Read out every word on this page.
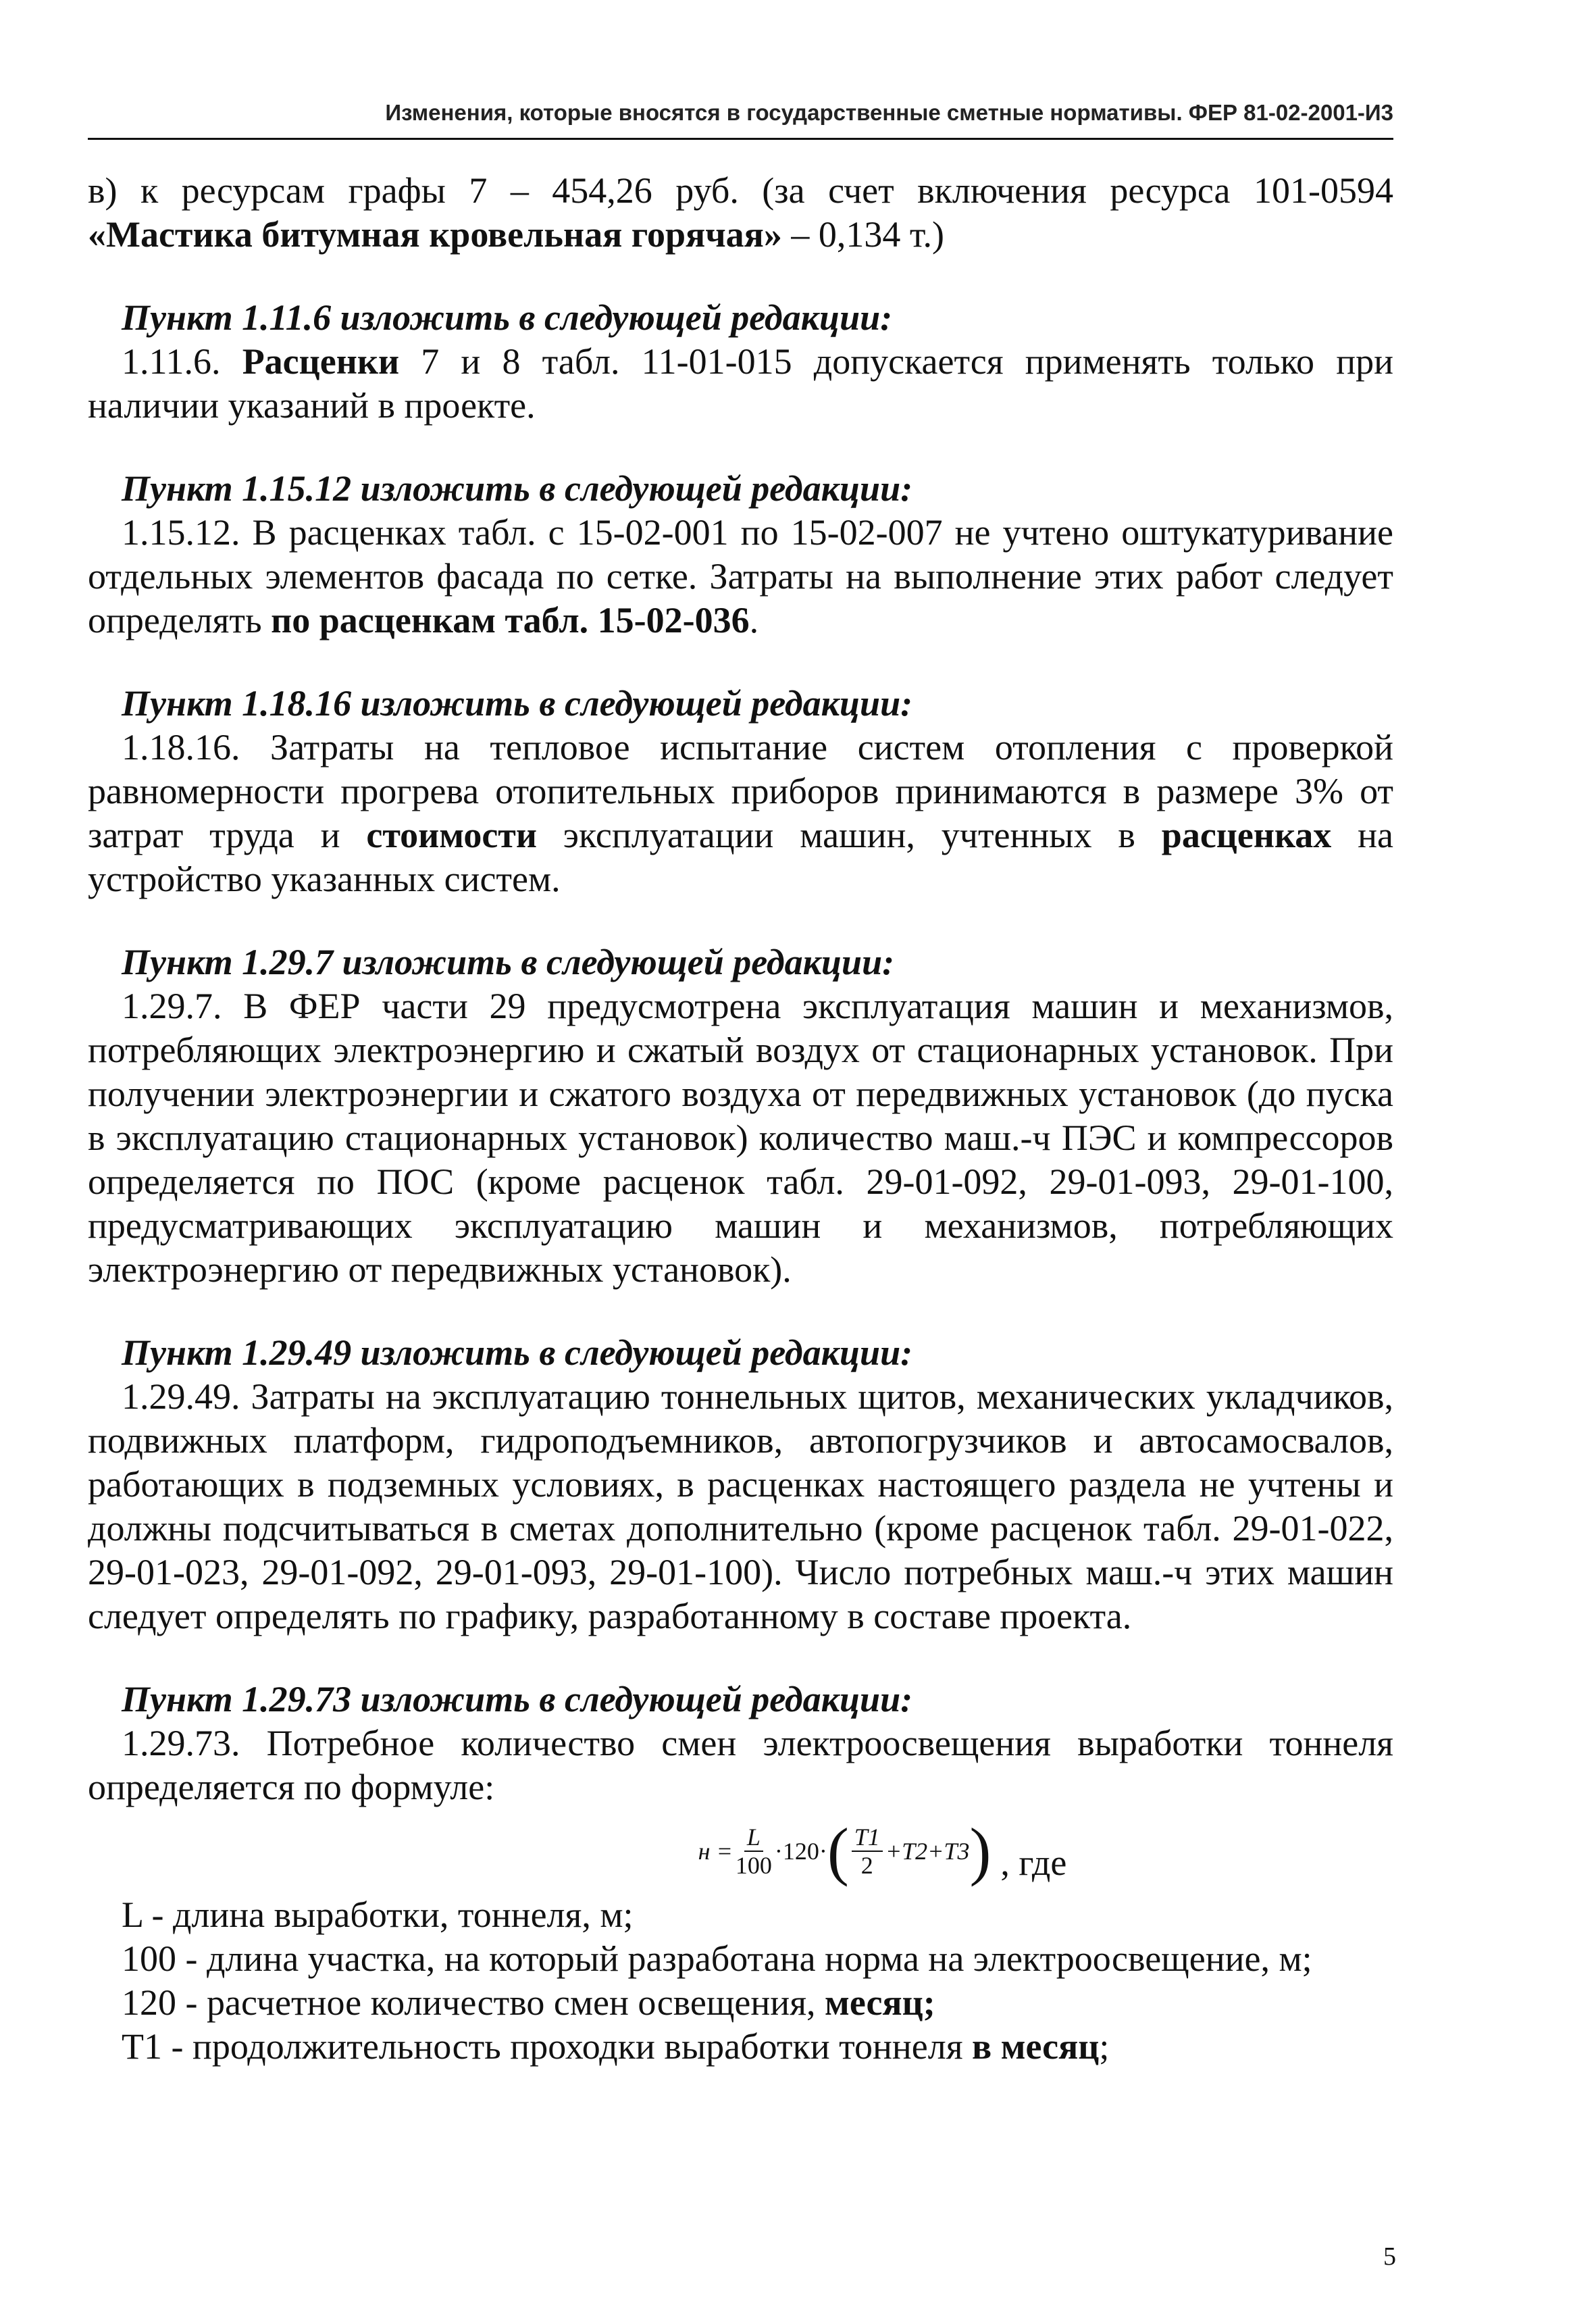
Изменения, которые вносятся в государственные сметные нормативы. ФЕР 81-02-2001-И3

в) к ресурсам графы 7 – 454,26 руб. (за счет включения ресурса 101-0594 «Мастика битумная кровельная горячая» – 0,134 т.)

Пункт 1.11.6 изложить в следующей редакции:

1.11.6. Расценки 7 и 8 табл. 11-01-015 допускается применять только при наличии указаний в проекте.

Пункт 1.15.12 изложить в следующей редакции:

1.15.12. В расценках табл. с 15-02-001 по 15-02-007 не учтено оштукатуривание отдельных элементов фасада по сетке. Затраты на выполнение этих работ следует определять по расценкам табл. 15-02-036.

Пункт 1.18.16 изложить в следующей редакции:

1.18.16. Затраты на тепловое испытание систем отопления с проверкой равномерности прогрева отопительных приборов принимаются в размере 3% от затрат труда и стоимости эксплуатации машин, учтенных в расценках на устройство указанных систем.

Пункт 1.29.7 изложить в следующей редакции:

1.29.7. В ФЕР части 29 предусмотрена эксплуатация машин и механизмов, потребляющих электроэнергию и сжатый воздух от стационарных установок. При получении электроэнергии и сжатого воздуха от передвижных установок (до пуска в эксплуатацию стационарных установок) количество маш.-ч ПЭС и компрессоров определяется по ПОС (кроме расценок табл. 29-01-092, 29-01-093, 29-01-100, предусматривающих эксплуатацию машин и механизмов, потребляющих электроэнергию от передвижных установок).

Пункт 1.29.49 изложить в следующей редакции:

1.29.49. Затраты на эксплуатацию тоннельных щитов, механических укладчиков, подвижных платформ, гидроподъемников, автопогрузчиков и автосамосвалов, работающих в подземных условиях, в расценках настоящего раздела не учтены и должны подсчитываться в сметах дополнительно (кроме расценок табл. 29-01-022, 29-01-023, 29-01-092, 29-01-093, 29-01-100). Число потребных маш.-ч этих машин следует определять по графику, разработанному в составе проекта.

Пункт 1.29.73 изложить в следующей редакции:

1.29.73. Потребное количество смен электроосвещения выработки тоннеля определяется по формуле:

$н = \frac{L}{100} \cdot 120\cdot$ ( $\frac{T1}{2} +T2+T3$ ) , где

L - длина выработки, тоннеля, м;

100 - длина участка, на который разработана норма на электроосвещение, м;

120 - расчетное количество смен освещения, месяц;

Т1 - продолжительность проходки выработки тоннеля в месяц;

5
